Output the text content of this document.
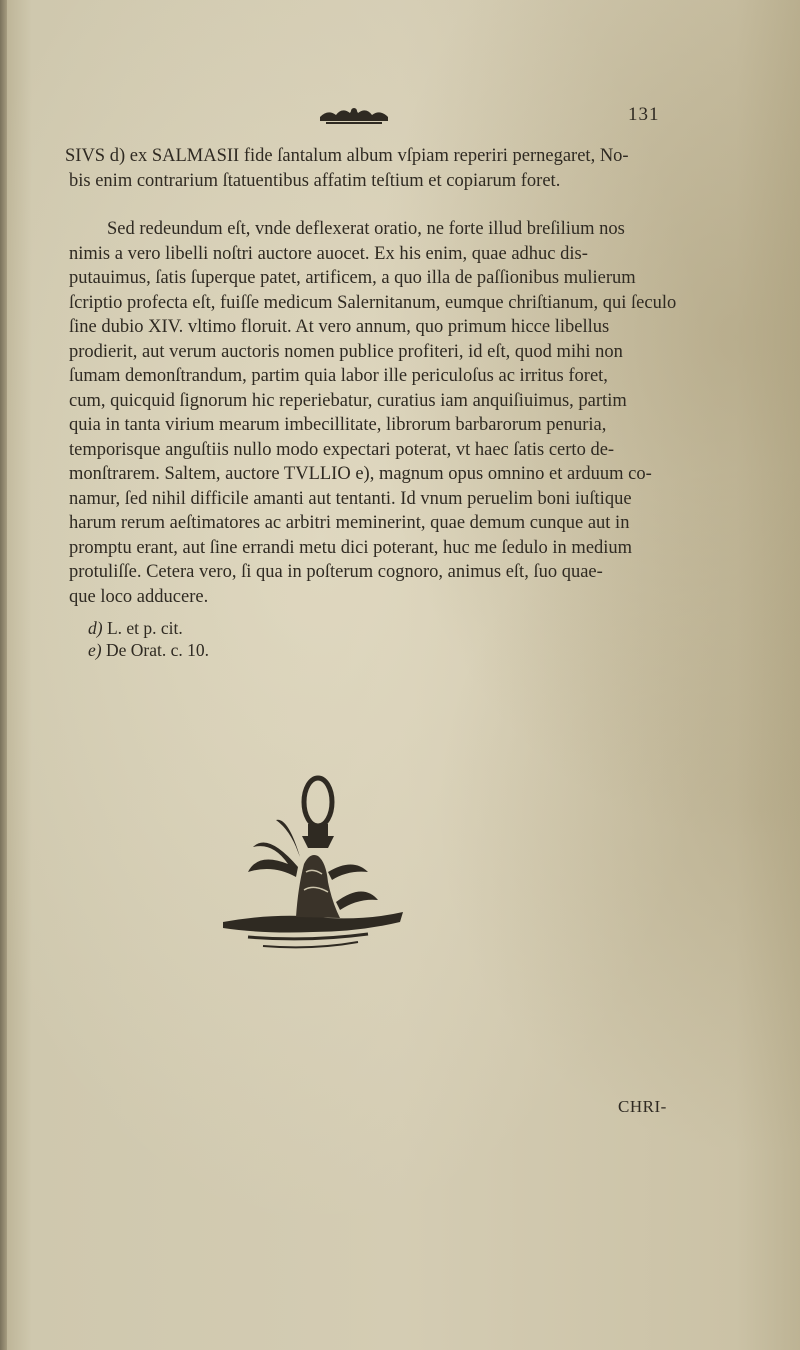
131
SIVS d) ex SALMASII fide ſantalum album vſpiam reperiri pernegaret, No-
bis enim contrarium ſtatuentibus affatim teſtium et copiarum foret.
Sed redeundum eſt, vnde deflexerat oratio, ne forte illud breſilium nos
nimis a vero libelli noſtri auctore auocet. Ex his enim, quae adhuc dis-
putauimus, ſatis ſuperque patet, artificem, a quo illa de paſſionibus mulierum
ſcriptio profecta eſt, fuiſſe medicum Salernitanum, eumque chriſtianum, qui ſeculo
ſine dubio XIV. vltimo floruit. At vero annum, quo primum hicce libellus
prodierit, aut verum auctoris nomen publice profiteri, id eſt, quod mihi non
ſumam demonſtrandum, partim quia labor ille periculoſus ac irritus foret,
cum, quicquid ſignorum hic reperiebatur, curatius iam anquiſiuimus, partim
quia in tanta virium mearum imbecillitate, librorum barbarorum penuria,
temporisque anguſtiis nullo modo expectari poterat, vt haec ſatis certo de-
monſtrarem. Saltem, auctore TVLLIO e), magnum opus omnino et arduum co-
namur, ſed nihil difficile amanti aut tentanti. Id vnum peruelim boni iuſtique
harum rerum aeſtimatores ac arbitri meminerint, quae demum cunque aut in
promptu erant, aut ſine errandi metu dici poterant, huc me ſedulo in medium
protuliſſe. Cetera vero, ſi qua in poſterum cognoro, animus eſt, ſuo quae-
que loco adducere.
d) L. et p. cit.
e) De Orat. c. 10.
CHRI-
